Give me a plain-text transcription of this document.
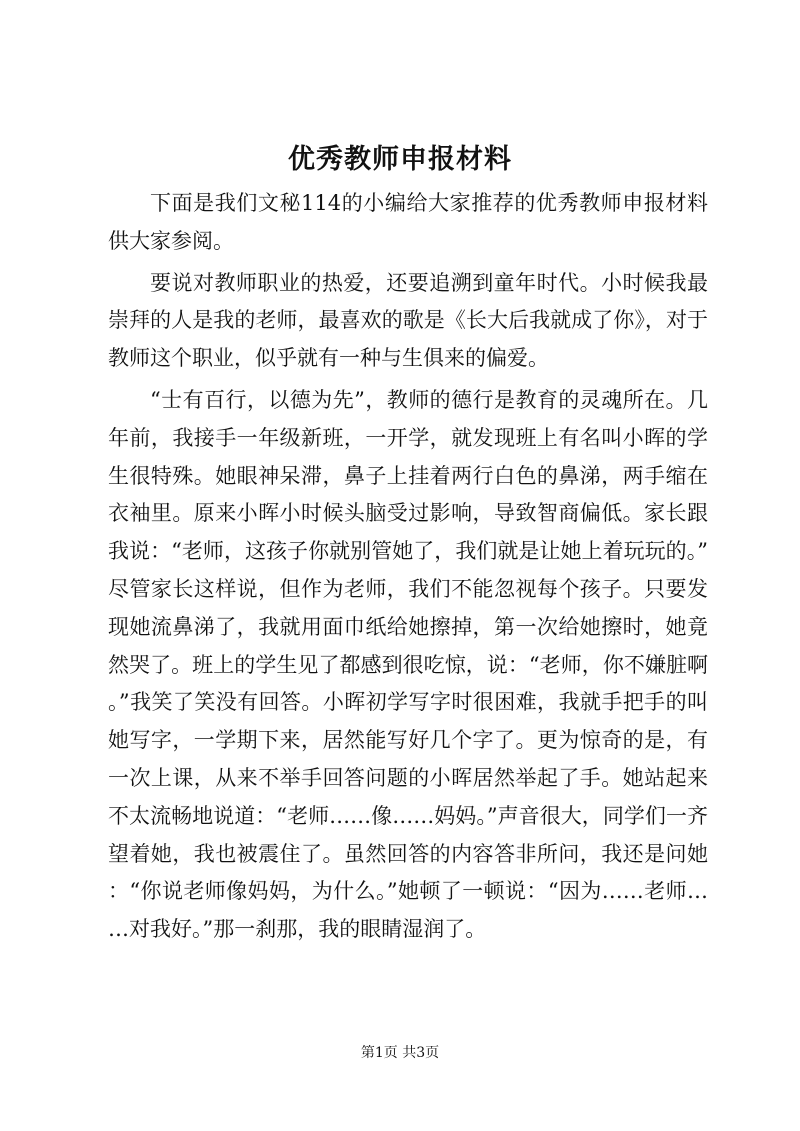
优秀教师申报材料

下面是我们文秘114的小编给大家推荐的优秀教师申报材料供大家参阅。

要说对教师职业的热爱，还要追溯到童年时代。小时候我最崇拜的人是我的老师，最喜欢的歌是《长大后我就成了你》，对于教师这个职业，似乎就有一种与生俱来的偏爱。

“士有百行，以德为先”，教师的德行是教育的灵魂所在。几年前，我接手一年级新班，一开学，就发现班上有名叫小晖的学生很特殊。她眼神呆滞，鼻子上挂着两行白色的鼻涕，两手缩在衣袖里。原来小晖小时候头脑受过影响，导致智商偏低。家长跟我说：“老师，这孩子你就别管她了，我们就是让她上着玩玩的。”尽管家长这样说，但作为老师，我们不能忽视每个孩子。只要发现她流鼻涕了，我就用面巾纸给她擦掉，第一次给她擦时，她竟然哭了。班上的学生见了都感到很吃惊，说：“老师，你不嫌脏啊。”我笑了笑没有回答。小晖初学写字时很困难，我就手把手的叫她写字，一学期下来，居然能写好几个字了。更为惊奇的是，有一次上课，从来不举手回答问题的小晖居然举起了手。她站起来不太流畅地说道：“老师……像……妈妈。”声音很大，同学们一齐望着她，我也被震住了。虽然回答的内容答非所问，我还是问她：“你说老师像妈妈，为什么。”她顿了一顿说：“因为……老师……对我好。”那一刹那，我的眼睛湿润了。

第1页 共3页
